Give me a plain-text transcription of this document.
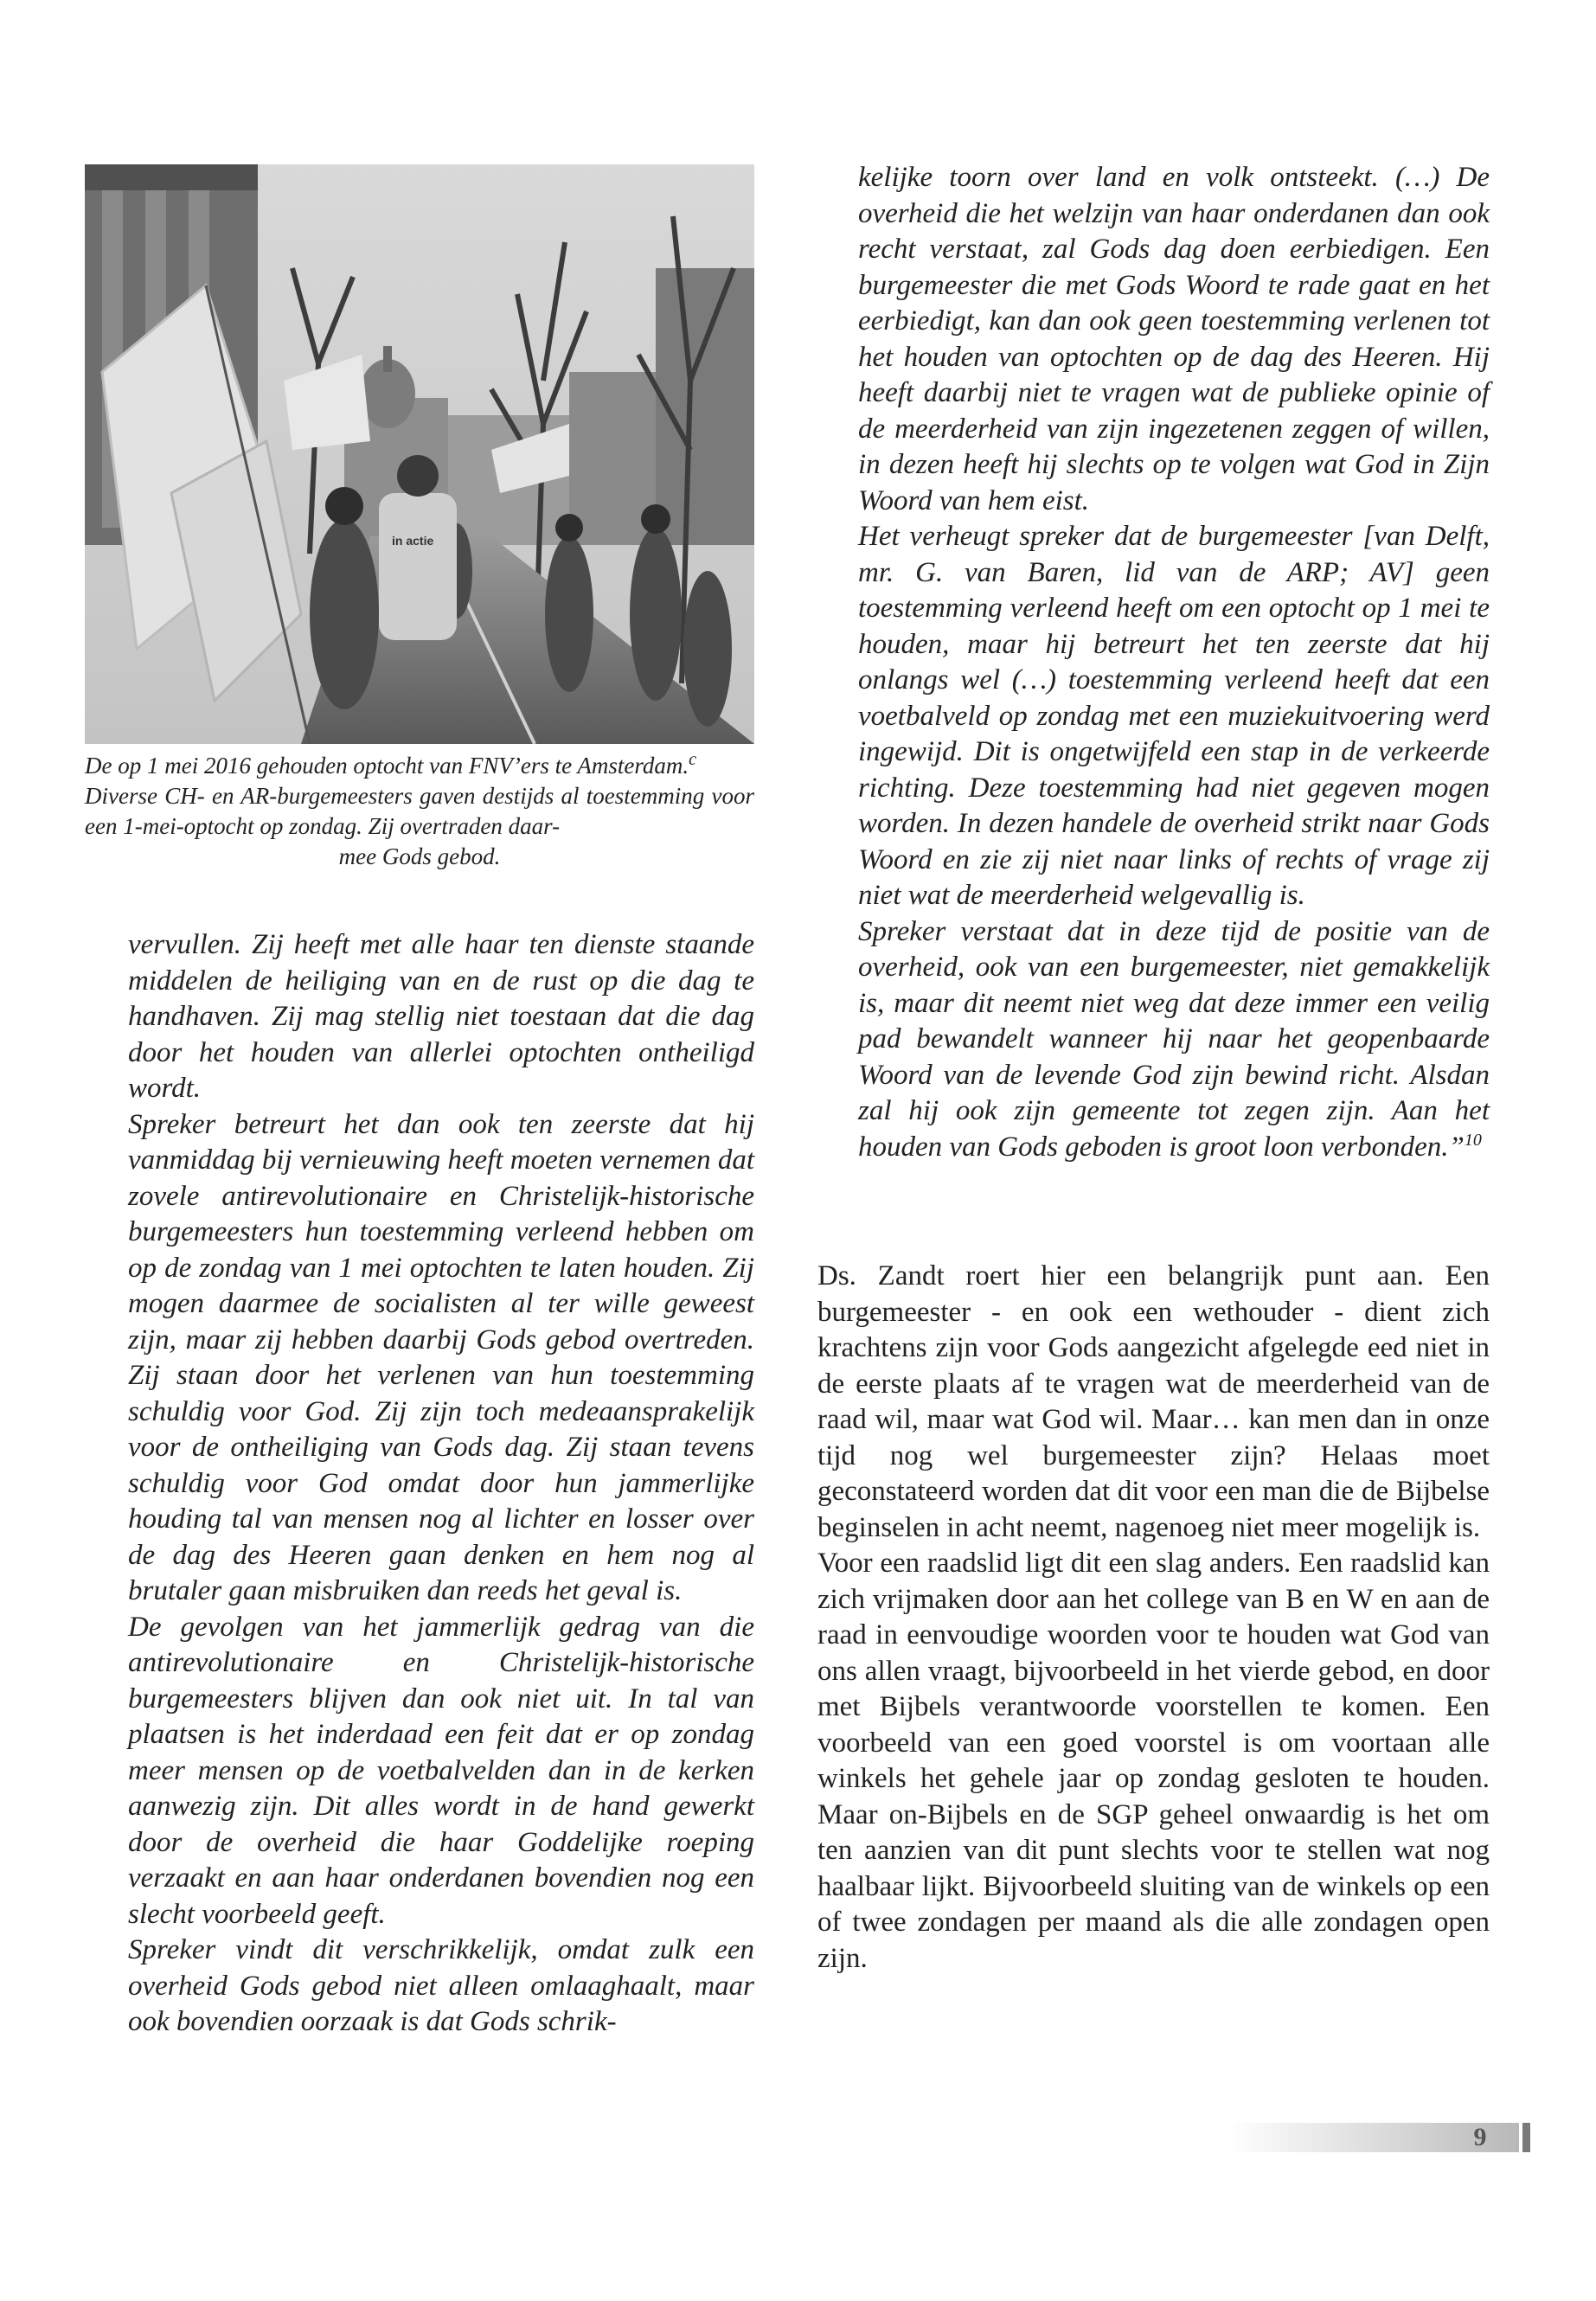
in actie

De op 1 mei 2016 gehouden optocht van FNV’ers te Amsterdam.$^c$

Diverse CH- en AR-burgemeesters gaven destijds al toestemming voor een 1-mei-optocht op zondag. Zij overtraden daar-

mee Gods gebod.

vervullen. Zij heeft met alle haar ten dienste staande middelen de heiliging van en de rust op die dag te handhaven. Zij mag stellig niet toestaan dat die dag door het houden van allerlei optochten ontheiligd wordt.

Spreker betreurt het dan ook ten zeerste dat hij vanmiddag bij vernieuwing heeft moeten vernemen dat zovele antirevolutionaire en Christelijk-historische burgemeesters hun toestemming verleend hebben om op de zondag van 1 mei optochten te laten houden. Zij mogen daarmee de socialisten al ter wille geweest zijn, maar zij hebben daarbij Gods gebod overtreden. Zij staan door het verlenen van hun toestemming schuldig voor God. Zij zijn toch medeaansprakelijk voor de ontheiliging van Gods dag. Zij staan tevens schuldig voor God omdat door hun jammerlijke houding tal van mensen nog al lichter en losser over de dag des Heeren gaan denken en hem nog al brutaler gaan misbruiken dan reeds het geval is.

De gevolgen van het jammerlijk gedrag van die antirevolutionaire en Christelijk-historische burgemeesters blijven dan ook niet uit. In tal van plaatsen is het inderdaad een feit dat er op zondag meer mensen op de voetbalvelden dan in de kerken aanwezig zijn. Dit alles wordt in de hand gewerkt door de overheid die haar Goddelijke roeping verzaakt en aan haar onderdanen bovendien nog een slecht voorbeeld geeft.

Spreker vindt dit verschrikkelijk, omdat zulk een overheid Gods gebod niet alleen omlaaghaalt, maar ook bovendien oorzaak is dat Gods schrik-

kelijke toorn over land en volk ontsteekt. (…) De overheid die het welzijn van haar onderdanen dan ook recht verstaat, zal Gods dag doen eerbiedigen. Een burgemeester die met Gods Woord te rade gaat en het eerbiedigt, kan dan ook geen toestemming verlenen tot het houden van optochten op de dag des Heeren. Hij heeft daarbij niet te vragen wat de publieke opinie of de meerderheid van zijn ingezetenen zeggen of willen, in dezen heeft hij slechts op te volgen wat God in Zijn Woord van hem eist.

Het verheugt spreker dat de burgemeester [van Delft, mr. G. van Baren, lid van de ARP; AV] geen toestemming verleend heeft om een optocht op 1 mei te houden, maar hij betreurt het ten zeerste dat hij onlangs wel (…) toestemming verleend heeft dat een voetbalveld op zondag met een muziekuitvoering werd ingewijd. Dit is ongetwijfeld een stap in de verkeerde richting. Deze toestemming had niet gegeven mogen worden. In dezen handele de overheid strikt naar Gods Woord en zie zij niet naar links of rechts of vrage zij niet wat de meerderheid welgevallig is.

Spreker verstaat dat in deze tijd de positie van de overheid, ook van een burgemeester, niet gemakkelijk is, maar dit neemt niet weg dat deze immer een veilig pad bewandelt wanneer hij naar het geopenbaarde Woord van de levende God zijn bewind richt. Alsdan zal hij ook zijn gemeente tot zegen zijn. Aan het houden van Gods geboden is groot loon verbonden.”$^{10}$

Ds. Zandt roert hier een belangrijk punt aan. Een burgemeester - en ook een wethouder - dient zich krachtens zijn voor Gods aangezicht afgelegde eed niet in de eerste plaats af te vragen wat de meerderheid van de raad wil, maar wat God wil. Maar… kan men dan in onze tijd nog wel burgemeester zijn? Helaas moet geconstateerd worden dat dit voor een man die de Bijbelse beginselen in acht neemt, nagenoeg niet meer mogelijk is.

Voor een raadslid ligt dit een slag anders. Een raadslid kan zich vrijmaken door aan het college van B en W en aan de raad in eenvoudige woorden voor te houden wat God van ons allen vraagt, bijvoorbeeld in het vierde gebod, en door met Bijbels verantwoorde voorstellen te komen. Een voorbeeld van een goed voorstel is om voortaan alle winkels het gehele jaar op zondag gesloten te houden. Maar on-Bijbels en de SGP geheel onwaardig is het om ten aanzien van dit punt slechts voor te stellen wat nog haalbaar lijkt. Bijvoorbeeld sluiting van de winkels op een of twee zondagen per maand als die alle zondagen open zijn.

9
